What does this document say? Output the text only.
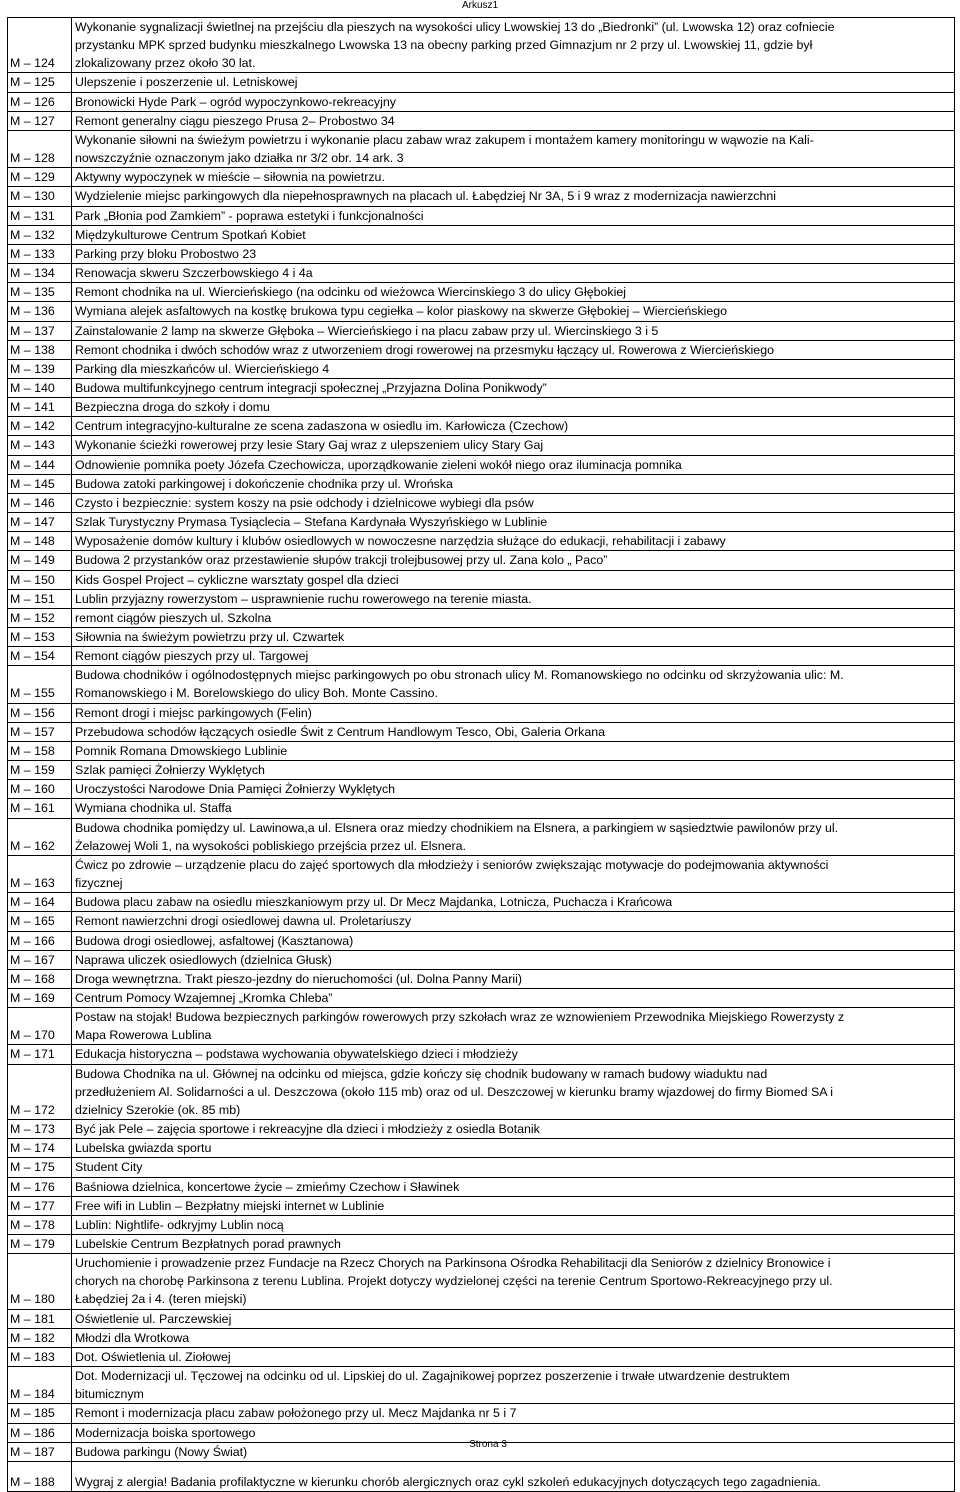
Arkusz1
M – 124	Wykonanie sygnalizacji świetlnej na przejściu dla pieszych na wysokości ulicy Lwowskiej 13 do „Biedronki” (ul. Lwowska 12) oraz cofniecie
przystanku MPK sprzed budynku mieszkalnego Lwowska 13 na obecny parking przed Gimnazjum nr 2 przy ul. Lwowskiej 11, gdzie był
zlokalizowany przez około 30 lat.

M – 125	Ulepszenie i poszerzenie ul. Letniskowej

M – 126	Bronowicki Hyde Park – ogród wypoczynkowo-rekreacyjny

M – 127	Remont generalny ciągu pieszego Prusa 2– Probostwo 34

M – 128	Wykonanie siłowni na świeżym powietrzu i wykonanie placu zabaw wraz zakupem i montażem kamery monitoringu w wąwozie na Kali-
nowszczyźnie oznaczonym jako działka nr 3/2 obr. 14 ark. 3

M – 129	Aktywny wypoczynek w mieście – siłownia na powietrzu.

M – 130	Wydzielenie miejsc parkingowych dla niepełnosprawnych na placach ul. Łabędziej Nr 3A, 5 i 9 wraz z modernizacja nawierzchni

M – 131	Park „Błonia pod Zamkiem” - poprawa estetyki i funkcjonalności

M – 132	Międzykulturowe Centrum Spotkań Kobiet

M – 133	Parking przy bloku Probostwo 23

M – 134	Renowacja skweru Szczerbowskiego 4 i 4a

M – 135	Remont chodnika na ul. Wiercieńskiego (na odcinku od wieżowca Wiercinskiego 3 do ulicy Głębokiej

M – 136	Wymiana alejek asfaltowych na kostkę brukowa typu cegiełka – kolor piaskowy na skwerze Głębokiej – Wiercieńskiego

M – 137	Zainstalowanie 2 lamp na skwerze Głęboka – Wiercieńskiego i na placu zabaw przy ul. Wiercinskiego 3 i 5

M – 138	Remont chodnika i dwóch schodów wraz z utworzeniem drogi rowerowej na przesmyku łączący ul. Rowerowa z Wiercieńskiego

M – 139	Parking dla mieszkańców ul. Wiercieńskiego 4

M – 140	Budowa multifunkcyjnego centrum integracji społecznej „Przyjazna Dolina Ponikwody”

M – 141	Bezpieczna droga do szkoły i domu

M – 142	Centrum integracyjno-kulturalne ze scena zadaszona w osiedlu im. Karłowicza (Czechow)

M – 143	Wykonanie ścieżki rowerowej przy lesie Stary Gaj wraz z ulepszeniem ulicy Stary Gaj

M – 144	Odnowienie pomnika poety Józefa Czechowicza, uporządkowanie zieleni wokół niego oraz iluminacja pomnika

M – 145	Budowa zatoki parkingowej i dokończenie chodnika przy ul. Wrońska

M – 146	Czysto i bezpiecznie: system koszy na psie odchody i dzielnicowe wybiegi dla psów

M – 147	Szlak Turystyczny Prymasa Tysiąclecia – Stefana Kardynała Wyszyńskiego w Lublinie

M – 148	Wyposażenie domów kultury i klubów osiedlowych w nowoczesne narzędzia służące do edukacji, rehabilitacji i zabawy

M – 149	Budowa 2 przystanków oraz przestawienie słupów trakcji trolejbusowej przy ul. Zana kolo „ Paco”

M – 150	Kids Gospel Project – cykliczne warsztaty gospel dla dzieci

M – 151	Lublin przyjazny rowerzystom – usprawnienie ruchu rowerowego na terenie miasta.

M – 152	remont ciągów pieszych ul. Szkolna

M – 153	Siłownia na świeżym powietrzu przy ul. Czwartek

M – 154	Remont ciągów pieszych przy ul. Targowej

M – 155	Budowa chodników i ogólnodostępnych miejsc parkingowych po obu stronach ulicy M. Romanowskiego no odcinku od skrzyżowania ulic: M.
Romanowskiego i M. Borelowskiego do ulicy Boh. Monte Cassino.

M – 156	Remont drogi i miejsc parkingowych (Felin)

M – 157	Przebudowa schodów łączących osiedle Świt z Centrum Handlowym Tesco, Obi, Galeria Orkana

M – 158	Pomnik Romana Dmowskiego Lublinie

M – 159	Szlak pamięci Żołnierzy Wyklętych

M – 160	Uroczystości Narodowe Dnia Pamięci Żołnierzy Wyklętych

M – 161	Wymiana chodnika ul. Staffa

M – 162	Budowa chodnika pomiędzy ul. Lawinowa,a ul. Elsnera oraz miedzy chodnikiem na Elsnera, a parkingiem w sąsiedztwie pawilonów przy ul.
Żelazowej Woli 1, na wysokości pobliskiego przejścia przez ul. Elsnera.

M – 163	Ćwicz po zdrowie – urządzenie placu do zajęć sportowych dla młodzieży i seniorów zwiększając motywacje do podejmowania aktywności
fizycznej

M – 164	Budowa placu zabaw na osiedlu mieszkaniowym przy ul. Dr Mecz Majdanka, Lotnicza, Puchacza i Krańcowa

M – 165	Remont nawierzchni drogi osiedlowej dawna ul. Proletariuszy

M – 166	Budowa drogi osiedlowej, asfaltowej (Kasztanowa)

M – 167	Naprawa uliczek osiedlowych (dzielnica Głusk)

M – 168	Droga wewnętrzna. Trakt pieszo-jezdny do nieruchomości (ul. Dolna Panny Marii)

M – 169	Centrum Pomocy Wzajemnej „Kromka Chleba”

M – 170	Postaw na stojak! Budowa bezpiecznych parkingów rowerowych przy szkołach wraz ze wznowieniem Przewodnika Miejskiego Rowerzysty z
Mapa Rowerowa Lublina

M – 171	Edukacja historyczna – podstawa wychowania obywatelskiego dzieci i młodzieży

M – 172	Budowa Chodnika na ul. Głównej na odcinku od miejsca, gdzie kończy się chodnik budowany w ramach budowy wiaduktu nad
przedłużeniem Al. Solidarności a ul. Deszczowa (około 115 mb) oraz od ul. Deszczowej w kierunku bramy wjazdowej do firmy Biomed SA i
dzielnicy Szerokie (ok. 85 mb)

M – 173	Być jak Pele – zajęcia sportowe i rekreacyjne dla dzieci i młodzieży z osiedla Botanik

M – 174	Lubelska gwiazda sportu

M – 175	Student City

M – 176	Baśniowa dzielnica, koncertowe życie – zmieńmy Czechow i Sławinek

M – 177	Free wifi in Lublin – Bezpłatny miejski internet w Lublinie

M – 178	Lublin: Nightlife- odkryjmy Lublin nocą

M – 179	Lubelskie Centrum Bezpłatnych porad prawnych

M – 180	Uruchomienie i prowadzenie przez Fundacje na Rzecz Chorych na Parkinsona Ośrodka Rehabilitacji dla Seniorów z dzielnicy Bronowice i
chorych na chorobę Parkinsona z terenu Lublina. Projekt dotyczy wydzielonej części na terenie Centrum Sportowo-Rekreacyjnego przy ul.
Łabędziej 2a i 4. (teren miejski)

M – 181	Oświetlenie ul. Parczewskiej

M – 182	Młodzi dla Wrotkowa

M – 183	Dot. Oświetlenia ul. Ziołowej

M – 184	Dot. Modernizacji ul. Tęczowej na odcinku od ul. Lipskiej do ul. Zagajnikowej poprzez poszerzenie i trwałe utwardzenie destruktem
bitumicznym

M – 185	Remont i modernizacja placu zabaw położonego przy ul. Mecz Majdanka nr 5 i 7

M – 186	Modernizacja boiska sportowego

M – 187	Budowa parkingu (Nowy Świat)

M – 188	Wygraj z alergia! Badania profilaktyczne w kierunku chorób alergicznych oraz cykl szkoleń edukacyjnych dotyczących tego zagadnienia.
Strona 3
